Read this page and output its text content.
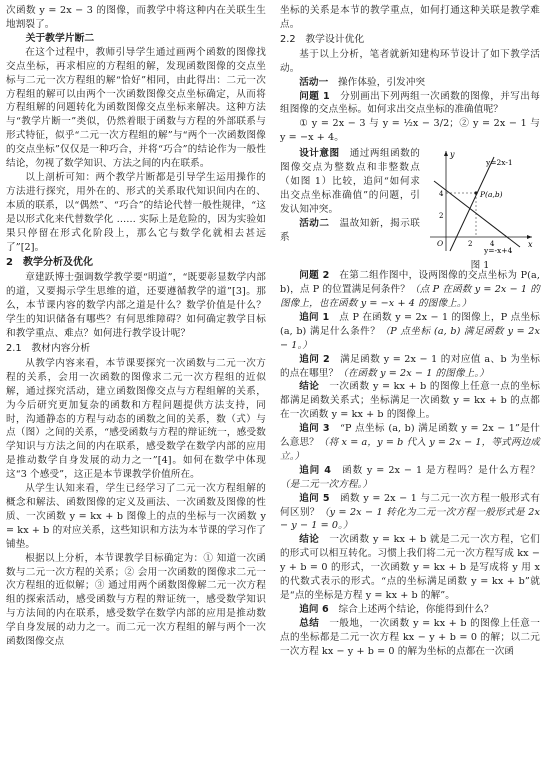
次函数 y = 2x − 3 的图像，而教学中将这种内在关联生生地割裂了。

关于教学片断二

在这个过程中，教师引导学生通过画两个函数的图像找交点坐标，再求相应的方程组的解，发现函数图像的交点坐标与二元一次方程组的解“恰好”相同，由此得出：二元一次方程组的解可以由两个一次函数图像交点坐标确定，从而将方程组解的问题转化为函数图像交点坐标来解决。这种方法与“教学片断一”类似，仍然着眼于函数与方程的外部联系与形式特征，似乎“二元一次方程组的解”与“两个一次函数图像的交点坐标”仅仅是一种巧合，并将“巧合”的结论作为一般性结论，勿视了数学知识、方法之间的内在联系。

以上剖析可知：两个教学片断都是引导学生运用操作的方法进行探究，用外在的、形式的关系取代知识间内在的、本质的联系，以“偶然”、“巧合”的结论代替一般性规律，“这是以形式化来代替数学化 …… 实际上是危险的，因为实验如果只停留在形式化阶段上，那么它与数学化就相去甚远了”[2]。

2　教学分析及优化

章建跃博士强调数学教学要“明道”，“既要彰显数学内部的道，又要揭示学生思维的道，还要遵循教学的道”[3]。那么，本节课内容的数学内部之道是什么？数学价值是什么？学生的知识储备有哪些？有何思维障碍？如何确定教学目标和教学重点、难点？如何进行教学设计呢？

2.1　教材内容分析

从教学内容来看，本节课要探究一次函数与二元一次方程的关系，会用一次函数的图像求二元一次方程组的近似解，通过探究活动，建立函数图像交点与方程组解的关系，为今后研究更加复杂的函数和方程问题提供方法支持，同时，沟通静态的方程与动态的函数之间的关系，数（式）与点（图）之间的关系，“感受函数与方程的辩证统一，感受数学知识与方法之间的内在联系，感受数学在数学内部的应用是推动数学自身发展的动力之一”[4]。如何在数学中体现这“3 个感受”，这正是本节课教学价值所在。

从学生认知来看，学生已经学习了二元一次方程组解的概念和解法、函数图像的定义及画法、一次函数及图像的性质、一次函数 y = kx + b 图像上的点的坐标与一次函数 y = kx + b 的对应关系，这些知识和方法为本节课的学习作了铺垫。

根据以上分析，本节课教学目标确定为：① 知道一次函数与二元一次方程的关系；② 会用一次函数的图像求二元一次方程组的近似解；③ 通过用两个函数图像解二元一次方程组的探索活动，感受函数与方程的辩证统一，感受数学知识与方法间的内在联系，感受数学在数学内部的应用是推动数学自身发展的动力之一。而二元一次方程组的解与两个一次函数图像交点

坐标的关系是本节的教学重点，如何打通这种关联是教学难点。

2.2　教学设计优化

基于以上分析，笔者就新知建构环节设计了如下教学活动。

活动一　操作体验，引发冲突

问题 1　分别画出下列两组一次函数的图像，并写出每组图像的交点坐标。如何求出交点坐标的准确值呢？

① y = 2x − 3 与 y = ½x − 3/2；② y = 2x − 1 与 y = −x + 4。

设计意图　通过两组函数的图像交点为整数点和非整数点（如图 1）比较，追问“如何求出交点坐标准确值”的问题，引发认知冲突。

活动二　温故知新，揭示联系

x
y
O	2	4
2
4
y=2x-1
P(a,b)
y=-x+4
图 1

问题 2　在第二组作图中，设两图像的交点坐标为 P(a, b)，点 P 的位置满足何条件？（点 P 在函数 y = 2x − 1 的图像上，也在函数 y = −x + 4 的图像上。）

追问 1　点 P 在函数 y = 2x − 1 的图像上，P 点坐标 (a, b) 满足什么条件？（P 点坐标 (a, b) 满足函数 y = 2x − 1。）

追问 2　满足函数 y = 2x − 1 的对应值 a、b 为坐标的点在哪里？（在函数 y = 2x − 1 的图像上。）

结论　一次函数 y = kx + b 的图像上任意一点的坐标都满足函数关系式；坐标满足一次函数 y = kx + b 的点都在一次函数 y = kx + b 的图像上。

追问 3　“P 点坐标 (a, b) 满足函数 y = 2x − 1”是什么意思？（将 x = a，y = b 代入 y = 2x − 1，等式两边成立。）

追问 4　函数 y = 2x − 1 是方程吗？是什么方程？（是二元一次方程。）

追问 5　函数 y = 2x − 1 与二元一次方程一般形式有何区别？（y = 2x − 1 转化为二元一次方程一般形式是 2x − y − 1 = 0。）

结论　一次函数 y = kx + b 就是二元一次方程，它们的形式可以相互转化。习惯上我们将二元一次方程写成 kx − y + b = 0 的形式，一次函数 y = kx + b 是写成将 y 用 x 的代数式表示的形式。“点的坐标满足函数 y = kx + b”就是“点的坐标是方程 y = kx + b 的解”。

追问 6　综合上述两个结论，你能得到什么？

总结　一般地，一次函数 y = kx + b 的图像上任意一点的坐标都是二元一次方程 kx − y + b = 0 的解；以二元一次方程 kx − y + b = 0 的解为坐标的点都在一次函
